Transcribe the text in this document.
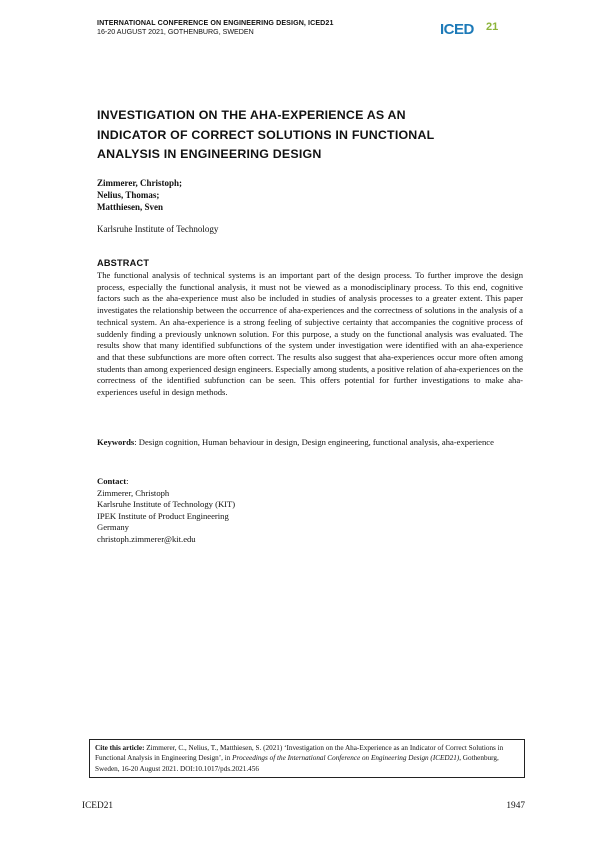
INTERNATIONAL CONFERENCE ON ENGINEERING DESIGN, ICED21
16-20 AUGUST 2021, GOTHENBURG, SWEDEN	ICED 21
INVESTIGATION ON THE AHA-EXPERIENCE AS AN
INDICATOR OF CORRECT SOLUTIONS IN FUNCTIONAL
ANALYSIS IN ENGINEERING DESIGN
Zimmerer, Christoph;
Nelius, Thomas;
Matthiesen, Sven
Karlsruhe Institute of Technology
ABSTRACT

The functional analysis of technical systems is an important part of the design process. To further improve the design process, especially the functional analysis, it must not be viewed as a monodisciplinary process. To this end, cognitive factors such as the aha-experience must also be included in studies of analysis processes to a greater extent. This paper investigates the relationship between the occurrence of aha-experiences and the correctness of solutions in the analysis of a technical system. An aha-experience is a strong feeling of subjective certainty that accompanies the cognitive process of suddenly finding a previously unknown solution. For this purpose, a study on the functional analysis was evaluated. The results show that many identified subfunctions of the system under investigation were identified with an aha-experience and that these subfunctions are more often correct. The results also suggest that aha-experiences occur more often among students than among experienced design engineers. Especially among students, a positive relation of aha-experiences on the correctness of the identified subfunction can be seen. This offers potential for further investigations to make aha-experiences useful in design methods.

Keywords: Design cognition, Human behaviour in design, Design engineering, functional analysis, aha-experience

Contact:
Zimmerer, Christoph
Karlsruhe Institute of Technology (KIT)
IPEK Institute of Product Engineering
Germany
christoph.zimmerer@kit.edu
Cite this article: Zimmerer, C., Nelius, T., Matthiesen, S. (2021) ‘Investigation on the Aha-Experience as an Indicator of Correct Solutions in Functional Analysis in Engineering Design’, in Proceedings of the International Conference on Engineering Design (ICED21), Gothenburg, Sweden, 16-20 August 2021. DOI:10.1017/pds.2021.456
ICED21	1947
